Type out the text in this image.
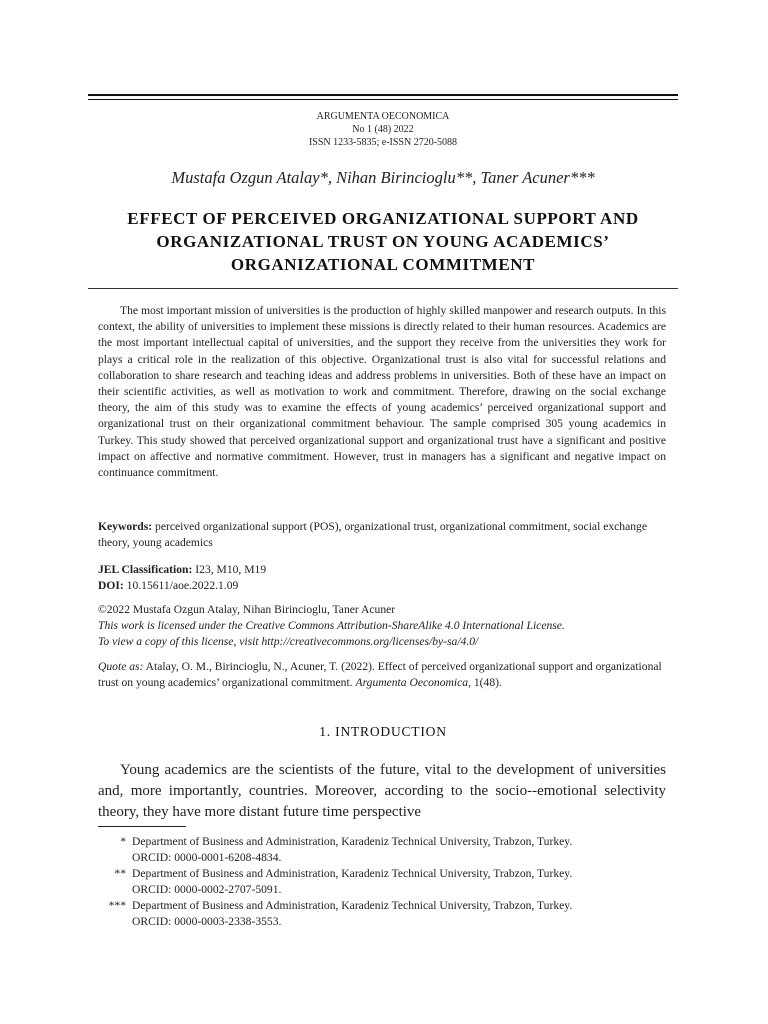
ARGUMENTA OECONOMICA
No 1 (48) 2022
ISSN 1233-5835; e-ISSN 2720-5088
Mustafa Ozgun Atalay*, Nihan Birincioglu**, Taner Acuner***
EFFECT OF PERCEIVED ORGANIZATIONAL SUPPORT AND ORGANIZATIONAL TRUST ON YOUNG ACADEMICS’ ORGANIZATIONAL COMMITMENT
The most important mission of universities is the production of highly skilled manpower and research outputs. In this context, the ability of universities to implement these missions is directly related to their human resources. Academics are the most important intellectual capital of universities, and the support they receive from the universities they work for plays a critical role in the realization of this objective. Organizational trust is also vital for successful relations and collaboration to share research and teaching ideas and address problems in universities. Both of these have an impact on their scientific activities, as well as motivation to work and commitment. Therefore, drawing on the social exchange theory, the aim of this study was to examine the effects of young academics’ perceived organizational support and organizational trust on their organizational commitment behaviour. The sample comprised 305 young academics in Turkey. This study showed that perceived organizational support and organizational trust have a significant and positive impact on affective and normative commitment. However, trust in managers has a significant and negative impact on continuance commitment.
Keywords: perceived organizational support (POS), organizational trust, organizational commitment, social exchange theory, young academics
JEL Classification: I23, M10, M19
DOI: 10.15611/aoe.2022.1.09
©2022 Mustafa Ozgun Atalay, Nihan Birincioglu, Taner Acuner
This work is licensed under the Creative Commons Attribution-ShareAlike 4.0 International License.
To view a copy of this license, visit http://creativecommons.org/licenses/by-sa/4.0/
Quote as: Atalay, O. M., Birincioglu, N., Acuner, T. (2022). Effect of perceived organizational support and organizational trust on young academics’ organizational commitment. Argumenta Oeconomica, 1(48).
1. INTRODUCTION
Young academics are the scientists of the future, vital to the development of universities and, more importantly, countries. Moreover, according to the socio--emotional selectivity theory, they have more distant future time perspective
* Department of Business and Administration, Karadeniz Technical University, Trabzon, Turkey.
ORCID: 0000-0001-6208-4834.
** Department of Business and Administration, Karadeniz Technical University, Trabzon, Turkey.
ORCID: 0000-0002-2707-5091.
*** Department of Business and Administration, Karadeniz Technical University, Trabzon, Turkey.
ORCID: 0000-0003-2338-3553.
